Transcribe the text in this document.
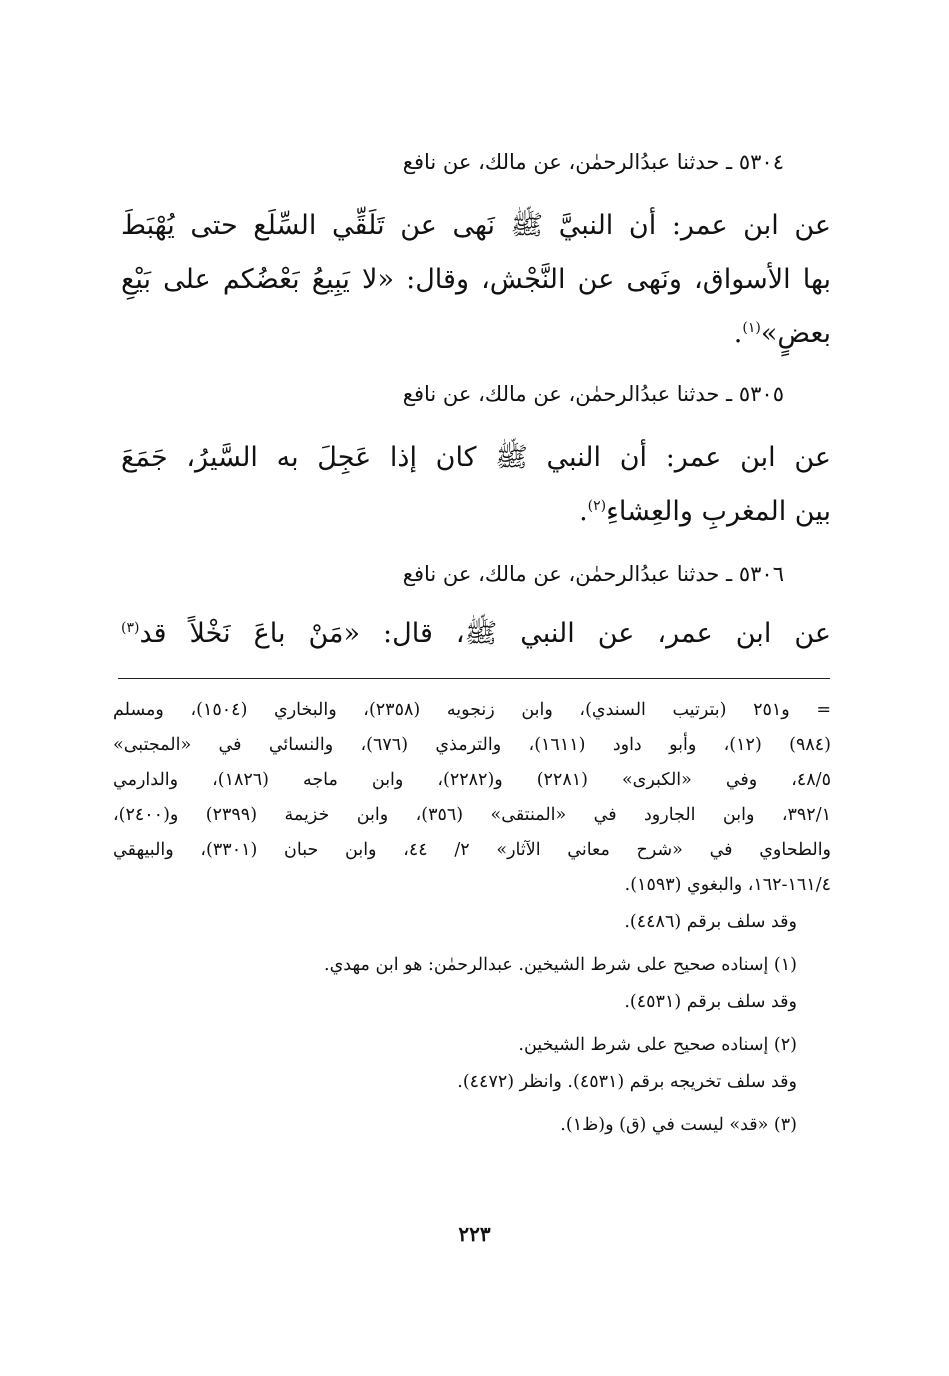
٥٣٠٤ ـ حدثنا عبدُالرحمٰن، عن مالك، عن نافع
عن ابن عمر: أن النبيَّ ﷺ نَهى عن تَلَقِّي السِّلَع حتى يُهْبَطَ
بها الأسواق، ونَهى عن النَّجْش، وقال: «لا يَبِيعُ بَعْضُكم على بَيْعِ
بعضٍ»$^{(١)}$.
٥٣٠٥ ـ حدثنا عبدُالرحمٰن، عن مالك، عن نافع
عن ابن عمر: أن النبي ﷺ كان إذا عَجِلَ به السَّيرُ، جَمَعَ
بين المغربِ والعِشاءِ$^{(٢)}$.
٥٣٠٦ ـ حدثنا عبدُالرحمٰن، عن مالك، عن نافع
عن ابن عمر، عن النبي ﷺ، قال: «مَنْ باعَ نَخْلاً قد$^{(٣)}$
= و٢٥١ (بترتيب السندي)، وابن زنجويه (٢٣٥٨)، والبخاري (١٥٠٤)، ومسلم
(٩٨٤) (١٢)، وأبو داود (١٦١١)، والترمذي (٦٧٦)، والنسائي في «المجتبى»
٤٨/٥، وفي «الكبرى» (٢٢٨١) و(٢٢٨٢)، وابن ماجه (١٨٢٦)، والدارمي
٣٩٢/١، وابن الجارود في «المنتقى» (٣٥٦)، وابن خزيمة (٢٣٩٩) و(٢٤٠٠)،
والطحاوي في «شرح معاني الآثار» ٢/ ٤٤، وابن حبان (٣٣٠١)، والبيهقي
١٦١/٤-١٦٢، والبغوي (١٥٩٣).
وقد سلف برقم (٤٤٨٦).
(١) إسناده صحيح على شرط الشيخين. عبدالرحمٰن: هو ابن مهدي.
وقد سلف برقم (٤٥٣١).
(٢) إسناده صحيح على شرط الشيخين.
وقد سلف تخريجه برقم (٤٥٣١). وانظر (٤٤٧٢).
(٣) «قد» ليست في (ق) و(ظ١).
٢٢٣
